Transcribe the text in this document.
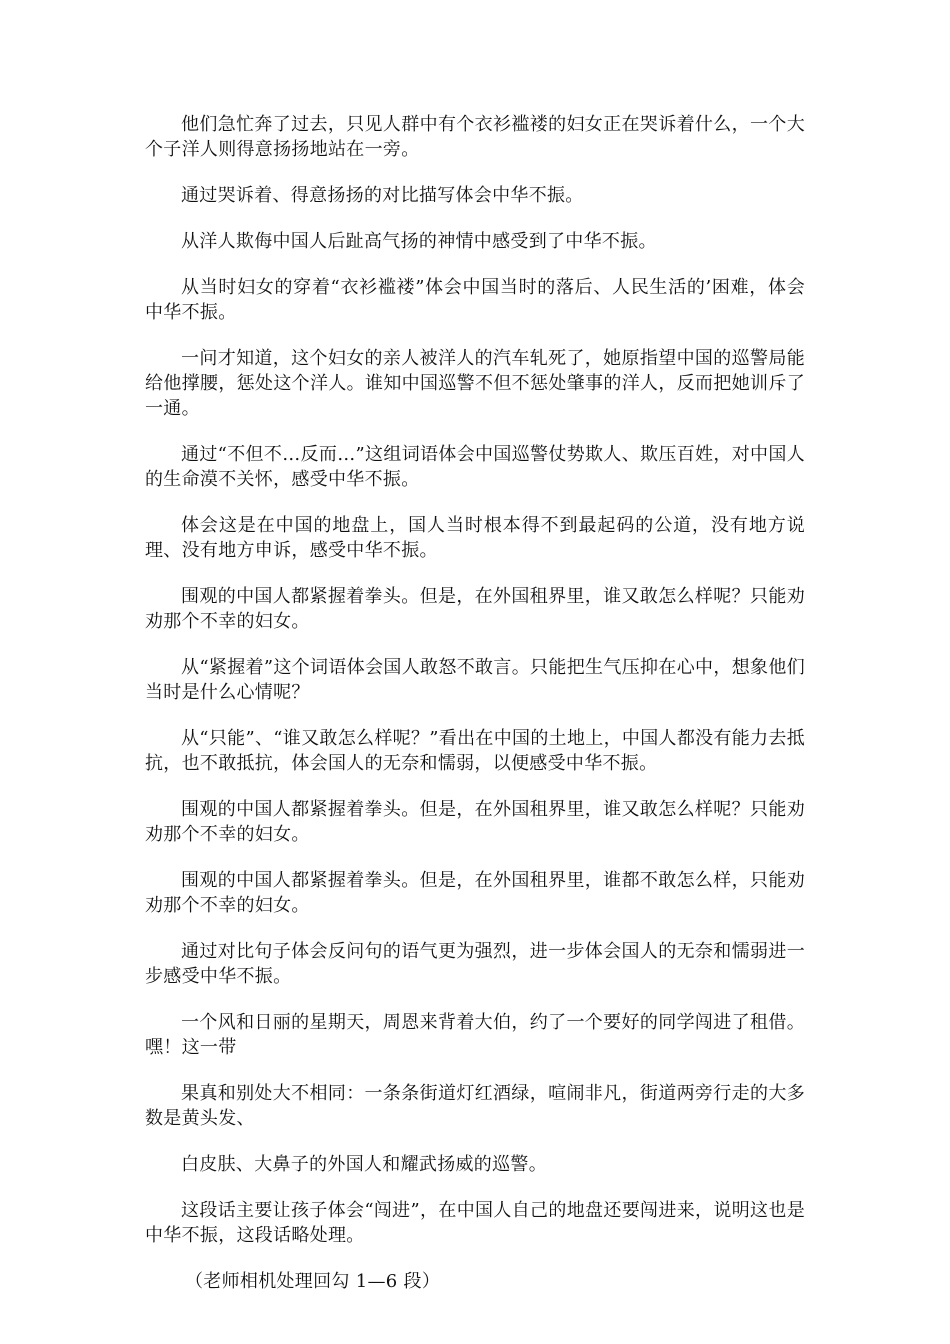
他们急忙奔了过去，只见人群中有个衣衫褴褛的妇女正在哭诉着什么，一个大个子洋人则得意扬扬地站在一旁。

通过哭诉着、得意扬扬的对比描写体会中华不振。

从洋人欺侮中国人后趾高气扬的神情中感受到了中华不振。

从当时妇女的穿着“衣衫褴褛”体会中国当时的落后、人民生活的’困难，体会中华不振。

一问才知道，这个妇女的亲人被洋人的汽车轧死了，她原指望中国的巡警局能给他撑腰，惩处这个洋人。谁知中国巡警不但不惩处肇事的洋人，反而把她训斥了一通。

通过“不但不…反而…”这组词语体会中国巡警仗势欺人、欺压百姓，对中国人的生命漠不关怀，感受中华不振。

体会这是在中国的地盘上，国人当时根本得不到最起码的公道，没有地方说理、没有地方申诉，感受中华不振。

围观的中国人都紧握着拳头。但是，在外国租界里，谁又敢怎么样呢？只能劝劝那个不幸的妇女。

从“紧握着”这个词语体会国人敢怒不敢言。只能把生气压抑在心中，想象他们当时是什么心情呢？

从“只能”、“谁又敢怎么样呢？”看出在中国的土地上，中国人都没有能力去抵抗，也不敢抵抗，体会国人的无奈和懦弱，以便感受中华不振。

围观的中国人都紧握着拳头。但是，在外国租界里，谁又敢怎么样呢？只能劝劝那个不幸的妇女。

围观的中国人都紧握着拳头。但是，在外国租界里，谁都不敢怎么样，只能劝劝那个不幸的妇女。

通过对比句子体会反问句的语气更为强烈，进一步体会国人的无奈和懦弱进一步感受中华不振。

一个风和日丽的星期天，周恩来背着大伯，约了一个要好的同学闯进了租借。嘿！这一带

果真和别处大不相同：一条条街道灯红酒绿，喧闹非凡，街道两旁行走的大多数是黄头发、

白皮肤、大鼻子的外国人和耀武扬威的巡警。

这段话主要让孩子体会“闯进”，在中国人自己的地盘还要闯进来，说明这也是中华不振，这段话略处理。

（老师相机处理回勾 1—6 段）
